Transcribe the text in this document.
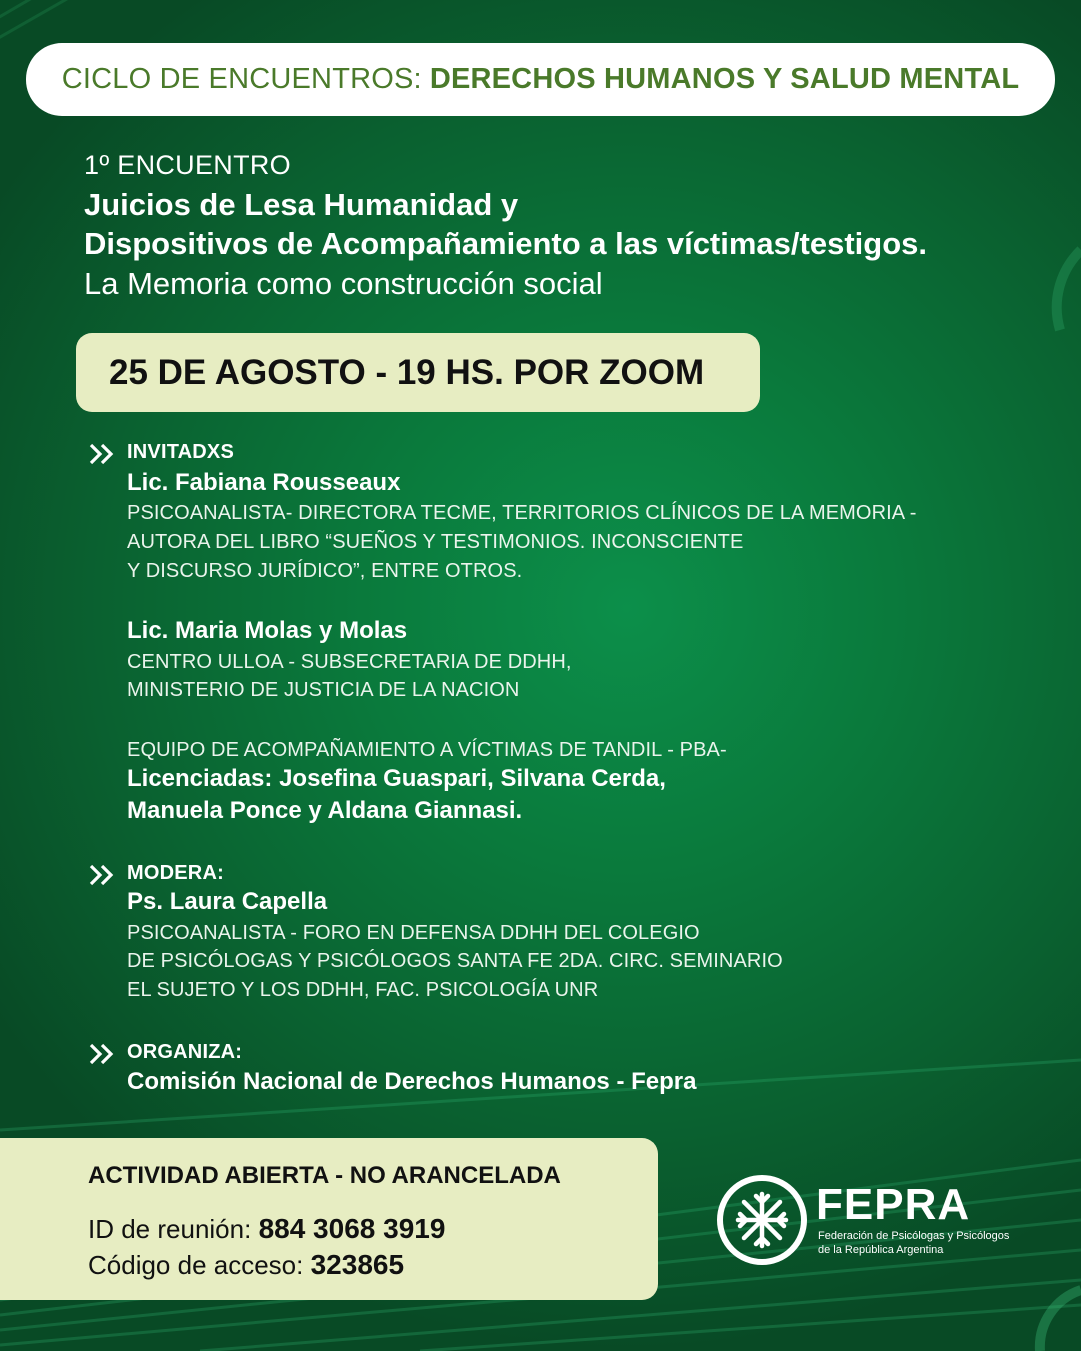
CICLO DE ENCUENTROS: DERECHOS HUMANOS Y SALUD MENTAL
1º ENCUENTRO
Juicios de Lesa Humanidad y
Dispositivos de Acompañamiento a las víctimas/testigos.
La Memoria como construcción social
25 DE AGOSTO - 19 HS. POR ZOOM
INVITADXS
Lic. Fabiana Rousseaux
PSICOANALISTA- DIRECTORA TECME, TERRITORIOS CLÍNICOS DE LA MEMORIA -
AUTORA DEL LIBRO “SUEÑOS Y TESTIMONIOS. INCONSCIENTE
Y DISCURSO JURÍDICO”, ENTRE OTROS.
Lic. Maria Molas y Molas
CENTRO ULLOA - SUBSECRETARIA DE DDHH,
MINISTERIO DE JUSTICIA DE LA NACION
EQUIPO DE ACOMPAÑAMIENTO A VÍCTIMAS DE TANDIL - PBA-
Licenciadas: Josefina Guaspari, Silvana Cerda,
Manuela Ponce y Aldana Giannasi.
MODERA:
Ps. Laura Capella
PSICOANALISTA - FORO EN DEFENSA DDHH DEL COLEGIO
DE PSICÓLOGAS Y PSICÓLOGOS SANTA FE 2DA. CIRC. SEMINARIO
EL SUJETO Y LOS DDHH, FAC. PSICOLOGÍA UNR
ORGANIZA:
Comisión Nacional de Derechos Humanos - Fepra
ACTIVIDAD ABIERTA - NO ARANCELADA
ID de reunión: 884 3068 3919
Código de acceso: 323865
FEPRA
Federación de Psicólogas y Psicólogos
de la República Argentina
